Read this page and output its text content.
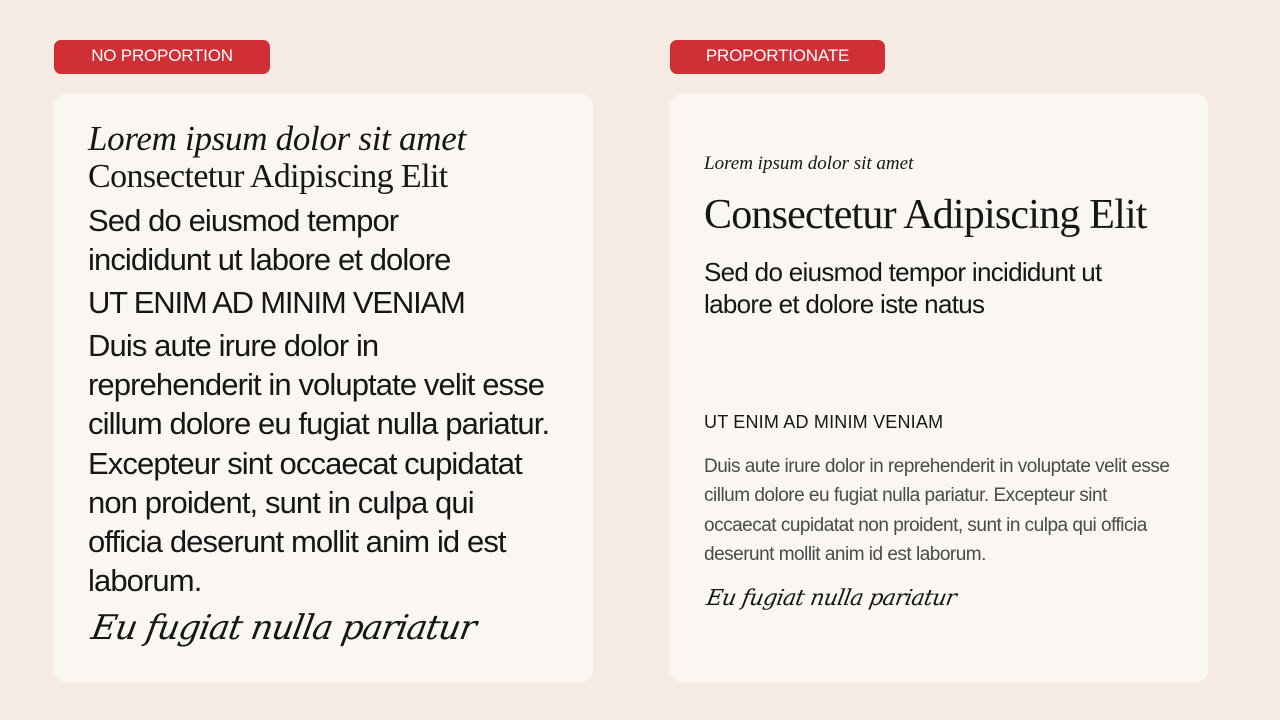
NO PROPORTION	PROPORTIONATE

Lorem ipsum dolor sit amet

Consectetur Adipiscing Elit

Sed do eiusmod tempor incididunt ut labore et dolore

UT ENIM AD MINIM VENIAM

Duis aute irure dolor in reprehenderit in voluptate velit esse cillum dolore eu fugiat nulla pariatur. Excepteur sint occaecat cupidatat non proident, sunt in culpa qui officia deserunt mollit anim id est laborum.

Eu fugiat nulla pariatur

Lorem ipsum dolor sit amet

Consectetur Adipiscing Elit

Sed do eiusmod tempor incididunt ut labore et dolore iste natus

UT ENIM AD MINIM VENIAM

Duis aute irure dolor in reprehenderit in voluptate velit esse cillum dolore eu fugiat nulla pariatur. Excepteur sint occaecat cupidatat non proident, sunt in culpa qui officia deserunt mollit anim id est laborum.

Eu fugiat nulla pariatur
